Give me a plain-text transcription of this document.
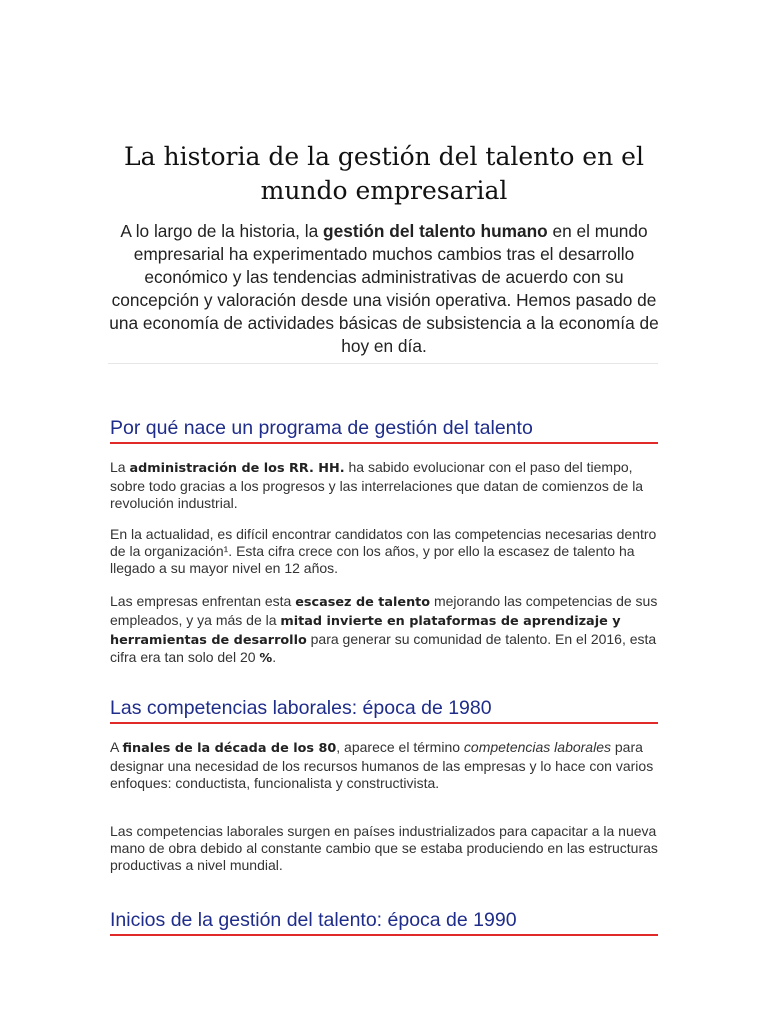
La historia de la gestión del talento en el mundo empresarial

A lo largo de la historia, la gestión del talento humano en el mundo empresarial ha experimentado muchos cambios tras el desarrollo económico y las tendencias administrativas de acuerdo con su concepción y valoración desde una visión operativa. Hemos pasado de una economía de actividades básicas de subsistencia a la economía de hoy en día.

Por qué nace un programa de gestión del talento

La administración de los RR. HH. ha sabido evolucionar con el paso del tiempo, sobre todo gracias a los progresos y las interrelaciones que datan de comienzos de la revolución industrial.

En la actualidad, es difícil encontrar candidatos con las competencias necesarias dentro de la organización¹. Esta cifra crece con los años, y por ello la escasez de talento ha llegado a su mayor nivel en 12 años.

Las empresas enfrentan esta escasez de talento mejorando las competencias de sus empleados, y ya más de la mitad invierte en plataformas de aprendizaje y herramientas de desarrollo para generar su comunidad de talento. En el 2016, esta cifra era tan solo del 20 %.

Las competencias laborales: época de 1980

A finales de la década de los 80, aparece el término competencias laborales para designar una necesidad de los recursos humanos de las empresas y lo hace con varios enfoques: conductista, funcionalista y constructivista.

Las competencias laborales surgen en países industrializados para capacitar a la nueva mano de obra debido al constante cambio que se estaba produciendo en las estructuras productivas a nivel mundial.

Inicios de la gestión del talento: época de 1990
